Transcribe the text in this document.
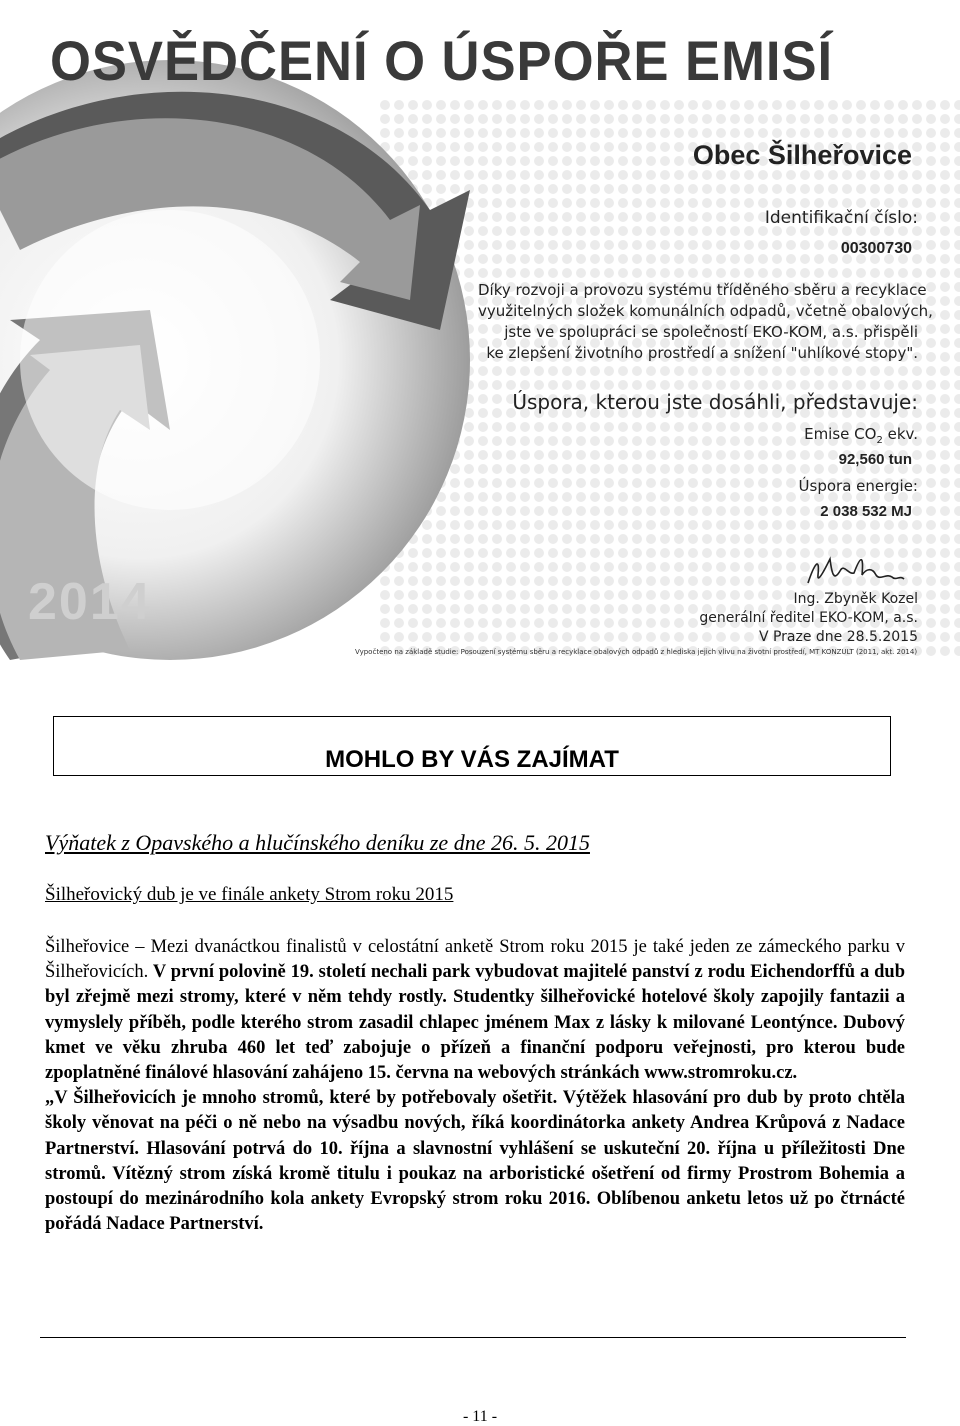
OSVĚDČENÍ O ÚSPOŘE EMISÍ
Obec Šilheřovice
Identifikační číslo:
00300730
Díky rozvoji a provozu systému tříděného sběru a recyklace
využitelných složek komunálních odpadů, včetně obalových,
jste ve spolupráci se společností EKO-KOM, a.s. přispěli
ke zlepšení životního prostředí a snížení "uhlíkové stopy".
Úspora, kterou jste dosáhli, představuje:
Emise $CO_2$ ekv.
92,560 tun
Úspora energie:
2 038 532 MJ
Ing. Zbyněk Kozel
generální ředitel EKO-KOM, a.s.
V Praze dne 28.5.2015
2014
Vypočteno na základě studie: Posouzení systému sběru a recyklace obalových odpadů z hlediska jejich vlivu na životní prostředí, MT KONZULT (2011, akt. 2014)
MOHLO BY VÁS ZAJÍMAT
Výňatek z Opavského a hlučínského deníku ze dne 26. 5. 2015
Šilheřovický dub je ve finále ankety Strom roku 2015
Šilheřovice – Mezi dvanáctkou finalistů v celostátní anketě Strom roku 2015 je také jeden ze zámeckého parku v Šilheřovicích. V první polovině 19. století nechali park vybudovat majitelé panství z rodu Eichendorffů a dub byl zřejmě mezi stromy, které v něm tehdy rostly. Studentky šilheřovické hotelové školy zapojily fantazii a vymyslely příběh, podle kterého strom zasadil chlapec jménem Max z lásky k milované Leontýnce. Dubový kmet ve věku zhruba 460 let teď zabojuje o přízeň a finanční podporu veřejnosti, pro kterou bude zpoplatněné finálové hlasování zahájeno 15. června na webových stránkách www.stromroku.cz.
„V Šilheřovicích je mnoho stromů, které by potřebovaly ošetřit. Výtěžek hlasování pro dub by proto chtěla školy věnovat na péči o ně nebo na výsadbu nových, říká koordinátorka ankety Andrea Krůpová z Nadace Partnerství. Hlasování potrvá do 10. října a slavnostní vyhlášení se uskuteční 20. října u příležitosti Dne stromů. Vítězný strom získá kromě titulu i poukaz na arboristické ošetření od firmy Prostrom Bohemia a postoupí do mezinárodního kola ankety Evropský strom roku 2016. Oblíbenou anketu letos už po čtrnácté pořádá Nadace Partnerství.
- 11 -
